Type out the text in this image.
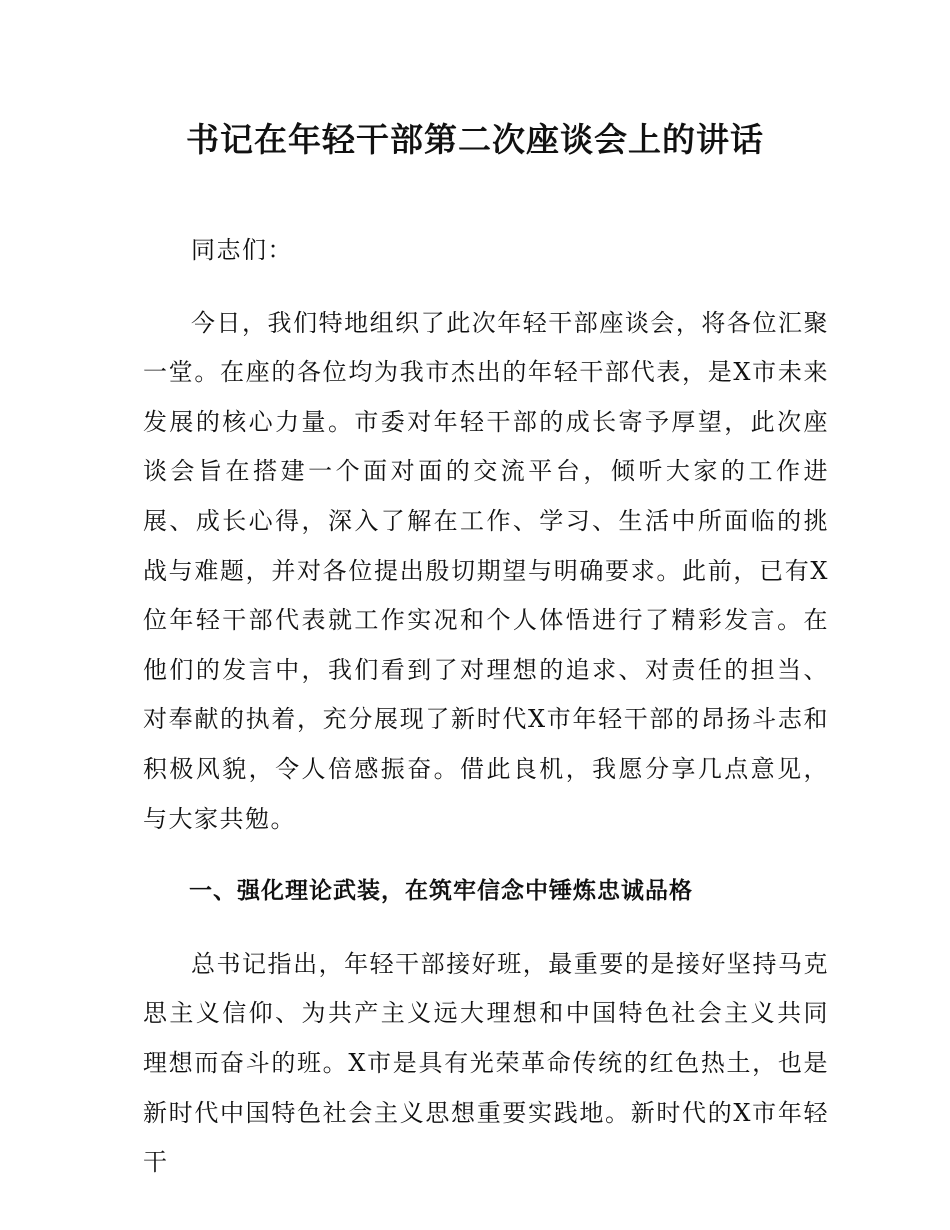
书记在年轻干部第二次座谈会上的讲话

同志们：

今日，我们特地组织了此次年轻干部座谈会，将各位汇聚一堂。在座的各位均为我市杰出的年轻干部代表，是X市未来发展的核心力量。市委对年轻干部的成长寄予厚望，此次座谈会旨在搭建一个面对面的交流平台，倾听大家的工作进展、成长心得，深入了解在工作、学习、生活中所面临的挑战与难题，并对各位提出殷切期望与明确要求。此前，已有X位年轻干部代表就工作实况和个人体悟进行了精彩发言。在他们的发言中，我们看到了对理想的追求、对责任的担当、对奉献的执着，充分展现了新时代X市年轻干部的昂扬斗志和积极风貌，令人倍感振奋。借此良机，我愿分享几点意见，与大家共勉。

一、强化理论武装，在筑牢信念中锤炼忠诚品格

总书记指出，年轻干部接好班，最重要的是接好坚持马克思主义信仰、为共产主义远大理想和中国特色社会主义共同理想而奋斗的班。X市是具有光荣革命传统的红色热土，也是新时代中国特色社会主义思想重要实践地。新时代的X市年轻干
